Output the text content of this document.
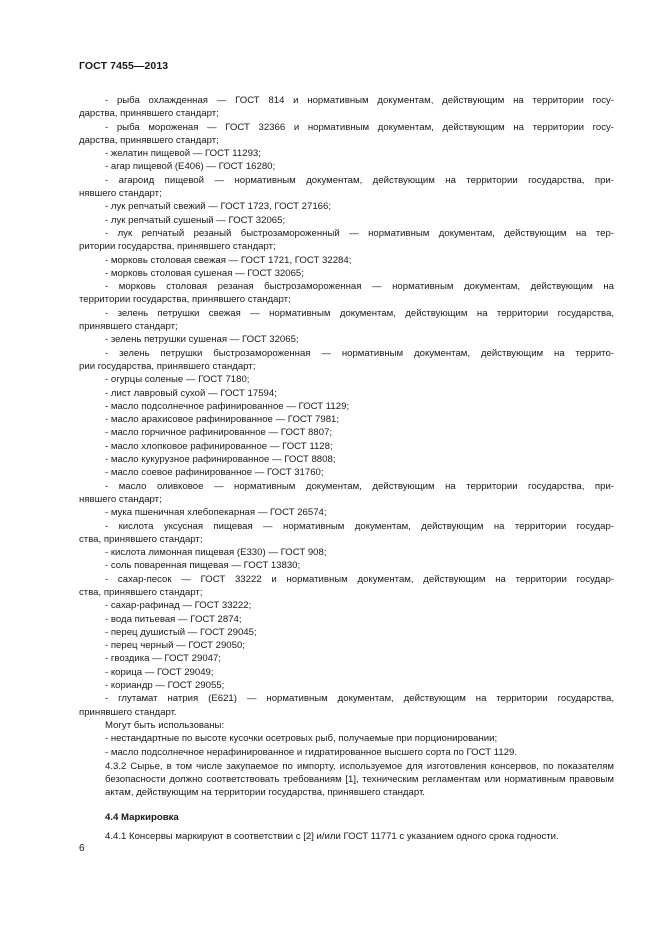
ГОСТ 7455—2013
- рыба охлажденная — ГОСТ 814 и нормативным документам, действующим на территории госу-
дарства, принявшего стандарт;
- рыба мороженая — ГОСТ 32366 и нормативным документам, действующим на территории госу-
дарства, принявшего стандарт;
- желатин пищевой — ГОСТ 11293;
- агар пищевой (Е406) — ГОСТ 16280;
- агароид пищевой — нормативным документам, действующим на территории государства, при-
нявшего стандарт;
- лук репчатый свежий — ГОСТ 1723, ГОСТ 27166;
- лук репчатый сушеный — ГОСТ 32065;
- лук репчатый резаный быстрозамороженный — нормативным документам, действующим на тер-
ритории государства, принявшего стандарт;
- морковь столовая свежая — ГОСТ 1721, ГОСТ 32284;
- морковь столовая сушеная — ГОСТ 32065;
- морковь столовая резаная быстрозамороженная — нормативным документам, действующим на
территории государства, принявшего стандарт;
- зелень петрушки свежая — нормативным документам, действующим на территории государства,
принявшего стандарт;
- зелень петрушки сушеная — ГОСТ 32065;
- зелень петрушки быстрозамороженная — нормативным документам, действующим на террито-
рии государства, принявшего стандарт;
- огурцы соленые — ГОСТ 7180;
- лист лавровый сухой — ГОСТ 17594;
- масло подсолнечное рафинированное — ГОСТ 1129;
- масло арахисовое рафинированное — ГОСТ 7981;
- масло горчичное рафинированное — ГОСТ 8807;
- масло хлопковое рафинированное — ГОСТ 1128;
- масло кукурузное рафинированное — ГОСТ 8808;
- масло соевое рафинированное — ГОСТ 31760;
- масло оливковое — нормативным документам, действующим на территории государства, при-
нявшего стандарт;
- мука пшеничная хлебопекарная — ГОСТ 26574;
- кислота уксусная пищевая — нормативным документам, действующим на территории государ-
ства, принявшего стандарт;
- кислота лимонная пищевая (Е330) — ГОСТ 908;
- соль поваренная пищевая — ГОСТ 13830;
- сахар-песок — ГОСТ 33222 и нормативным документам, действующим на территории государ-
ства, принявшего стандарт;
- сахар-рафинад — ГОСТ 33222;
- вода питьевая — ГОСТ 2874;
- перец душистый — ГОСТ 29045;
- перец черный — ГОСТ 29050;
- гвоздика — ГОСТ 29047;
- корица — ГОСТ 29049;
- кориандр — ГОСТ 29055;
- глутамат натрия (Е621) — нормативным документам, действующим на территории государства,
принявшего стандарт.
Могут быть использованы:
- нестандартные по высоте кусочки осетровых рыб, получаемые при порционировании;
- масло подсолнечное нерафинированное и гидратированное высшего сорта по ГОСТ 1129.
4.3.2 Сырье, в том числе закупаемое по импорту, используемое для изготовления консервов, по показателям безопасности должно соответствовать требованиям [1], техническим регламентам или нормативным правовым актам, действующим на территории государства, принявшего стандарт.
4.4 Маркировка
4.4.1 Консервы маркируют в соответствии с [2] и/или ГОСТ 11771 с указанием одного срока годности.
6
